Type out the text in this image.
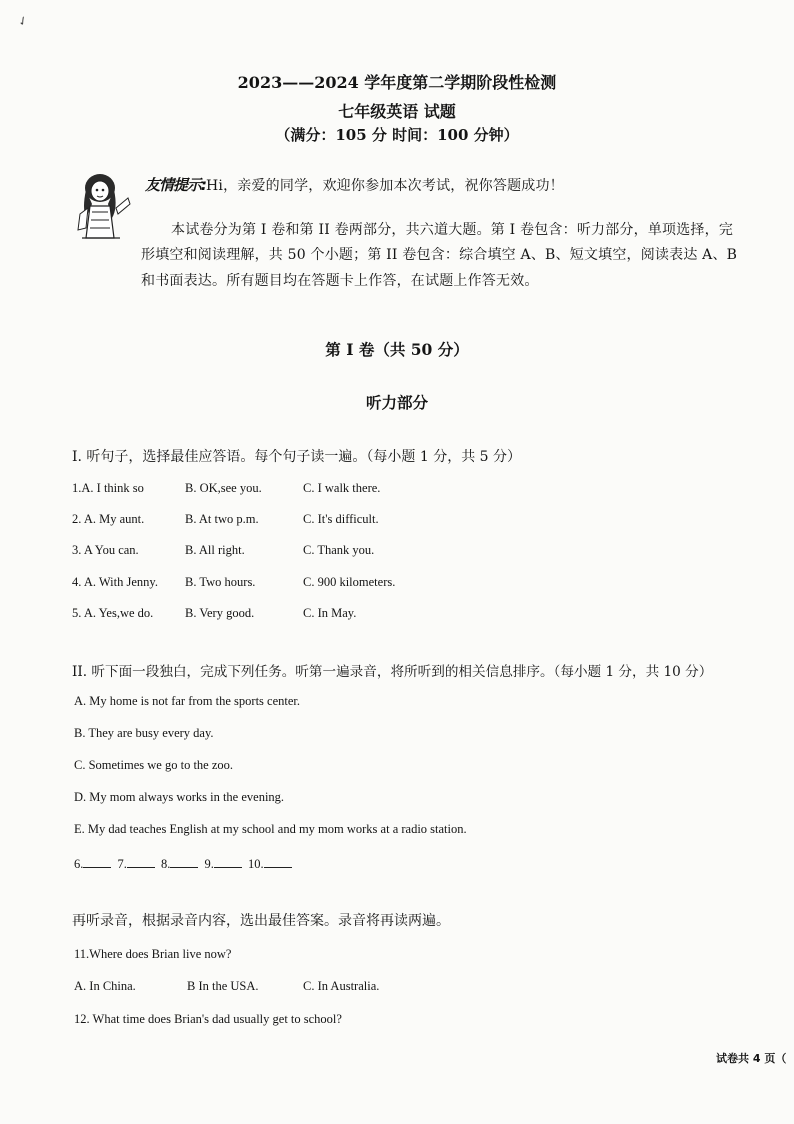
✓
2023——2024 学年度第二学期阶段性检测
七年级英语 试题
（满分：105 分 时间：100 分钟）
友情提示:Hi，亲爱的同学，欢迎你参加本次考试，祝你答题成功！
本试卷分为第 I 卷和第 II 卷两部分，共六道大题。第 I 卷包含：听力部分，单项选择，完
形填空和阅读理解，共 50 个小题；第 II 卷包含：综合填空 A、B、短文填空，阅读表达 A、B
和书面表达。所有题目均在答题卡上作答，在试题上作答无效。
第 I 卷（共 50 分）
听力部分
I. 听句子，选择最佳应答语。每个句子读一遍。（每小题 1 分，共 5 分）
1.A. I think so	B. OK,see you.	C. I walk there.
2. A. My aunt.	B. At two p.m.	C. It's difficult.
3. A You can.	B. All right.	C. Thank you.
4. A. With Jenny. B. Two hours.	C. 900 kilometers.
5. A. Yes,we do.	B. Very good.	C. In May.
II. 听下面一段独白，完成下列任务。听第一遍录音，将所听到的相关信息排序。（每小题 1 分，共 10 分）
A. My home is not far from the sports center.
B. They are busy every day.
C. Sometimes we go to the zoo.
D. My mom always works in the evening.
E. My dad teaches English at my school and my mom works at a radio station.
6.	7.	8.	9.	10.
再听录音，根据录音内容，选出最佳答案。录音将再读两遍。
11.Where does Brian live now?
A. In China.	B In the USA.	C. In Australia.
12. What time does Brian's dad usually get to school?
试卷共 4 页（
